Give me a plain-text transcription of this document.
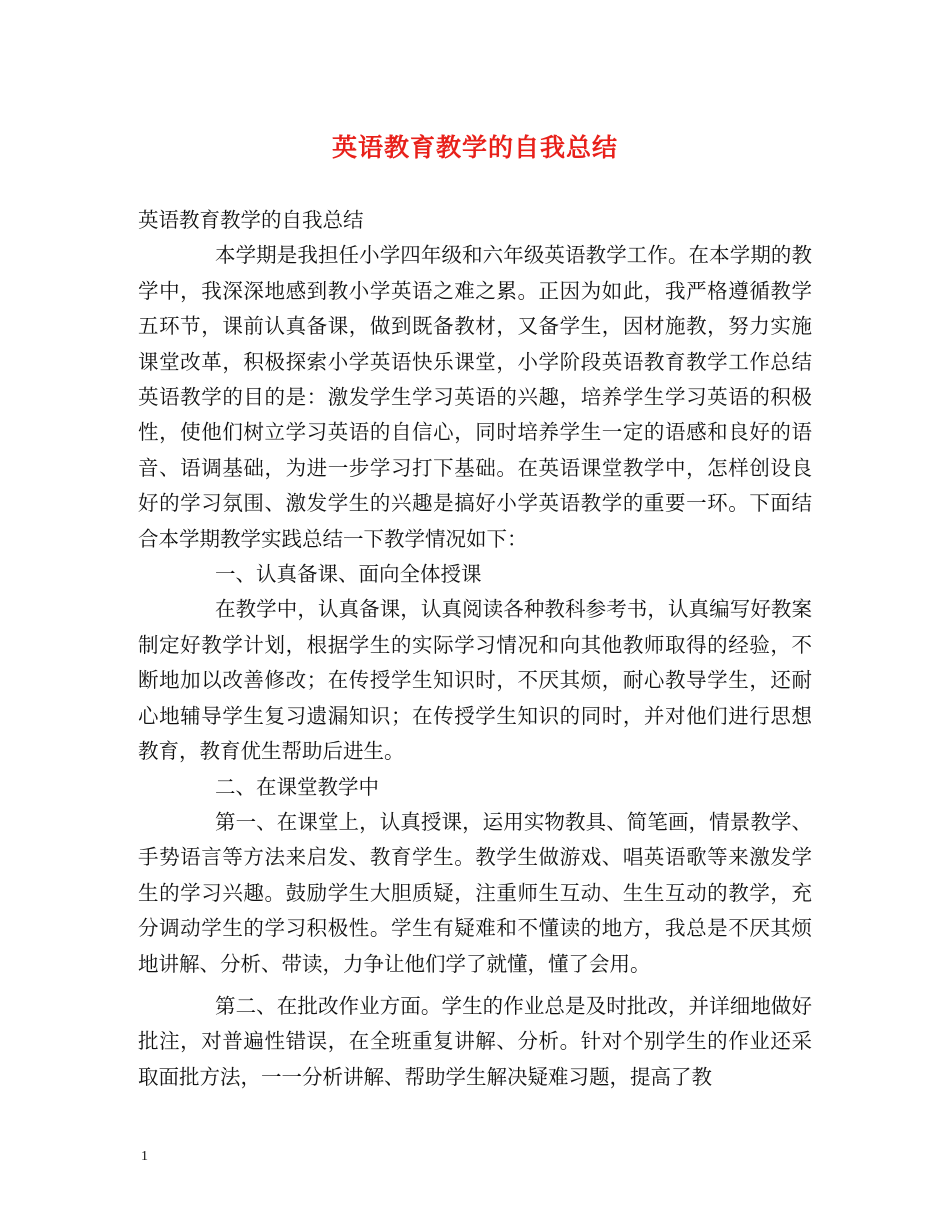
英语教育教学的自我总结

英语教育教学的自我总结

本学期是我担任小学四年级和六年级英语教学工作。在本学期的教学中，我深深地感到教小学英语之难之累。正因为如此，我严格遵循教学五环节，课前认真备课，做到既备教材，又备学生，因材施教，努力实施课堂改革，积极探索小学英语快乐课堂，小学阶段英语教育教学工作总结英语教学的目的是：激发学生学习英语的兴趣，培养学生学习英语的积极性，使他们树立学习英语的自信心，同时培养学生一定的语感和良好的语音、语调基础，为进一步学习打下基础。在英语课堂教学中，怎样创设良好的学习氛围、激发学生的兴趣是搞好小学英语教学的重要一环。下面结合本学期教学实践总结一下教学情况如下：

一、认真备课、面向全体授课

在教学中，认真备课，认真阅读各种教科参考书，认真编写好教案制定好教学计划，根据学生的实际学习情况和向其他教师取得的经验，不断地加以改善修改；在传授学生知识时，不厌其烦，耐心教导学生，还耐心地辅导学生复习遗漏知识；在传授学生知识的同时，并对他们进行思想教育，教育优生帮助后进生。

二、在课堂教学中

第一、在课堂上，认真授课，运用实物教具、简笔画，情景教学、手势语言等方法来启发、教育学生。教学生做游戏、唱英语歌等来激发学生的学习兴趣。鼓励学生大胆质疑，注重师生互动、生生互动的教学，充分调动学生的学习积极性。学生有疑难和不懂读的地方，我总是不厌其烦地讲解、分析、带读，力争让他们学了就懂，懂了会用。

第二、在批改作业方面。学生的作业总是及时批改，并详细地做好批注，对普遍性错误，在全班重复讲解、分析。针对个别学生的作业还采取面批方法，一一分析讲解、帮助学生解决疑难习题，提高了教

1
